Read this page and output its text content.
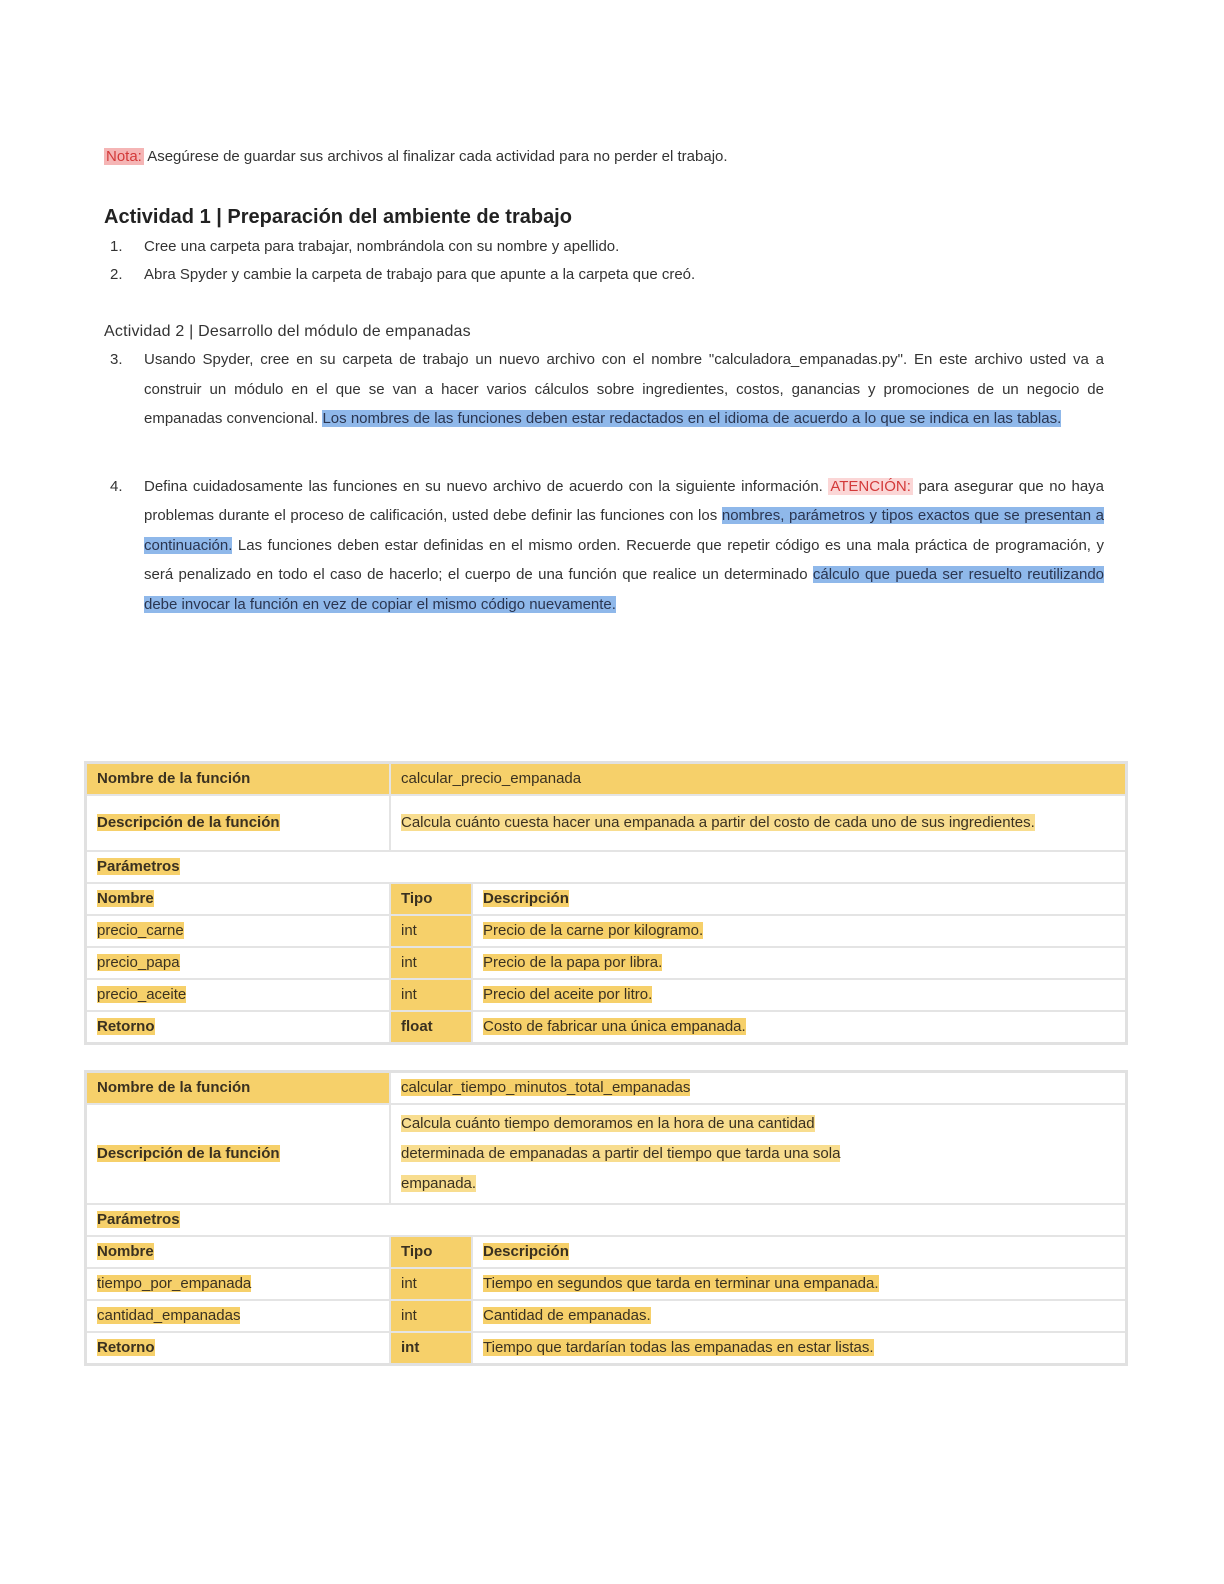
Nota: Asegúrese de guardar sus archivos al finalizar cada actividad para no perder el trabajo.

Actividad 1 | Preparación del ambiente de trabajo
1. Cree una carpeta para trabajar, nombrándola con su nombre y apellido.
2. Abra Spyder y cambie la carpeta de trabajo para que apunte a la carpeta que creó.
Actividad 2 | Desarrollo del módulo de empanadas
3. Usando Spyder, cree en su carpeta de trabajo un nuevo archivo con el nombre "calculadora_empanadas.py". En este archivo usted va a construir un módulo en el que se van a hacer varios cálculos sobre ingredientes, costos, ganancias y promociones de un negocio de empanadas convencional. Los nombres de las funciones deben estar redactados en el idioma de acuerdo a lo que se indica en las tablas.
4. Defina cuidadosamente las funciones en su nuevo archivo de acuerdo con la siguiente información. ATENCIÓN: para asegurar que no haya problemas durante el proceso de calificación, usted debe definir las funciones con los nombres, parámetros y tipos exactos que se presentan a continuación. Las funciones deben estar definidas en el mismo orden. Recuerde que repetir código es una mala práctica de programación, y será penalizado en todo el caso de hacerlo; el cuerpo de una función que realice un determinado cálculo que pueda ser resuelto reutilizando debe invocar la función en vez de copiar el mismo código nuevamente.
Nombre de la función	calcular_precio_empanada	
Descripción de la función	Calcula cuánto cuesta hacer una empanada a partir del costo de cada uno de sus ingredientes.	
Parámetros		
Nombre	Tipo	Descripción
precio_carne	int	Precio de la carne por kilogramo.
precio_papa	int	Precio de la papa por libra.
precio_aceite	int	Precio del aceite por litro.
Retorno	float	Costo de fabricar una única empanada.
Nombre de la función	calcular_tiempo_minutos_total_empanadas	
Descripción de la función	Calcula cuánto tiempo demoramos en la hora de una cantidad
determinada de empanadas a partir del tiempo que tarda una sola
empanada.	
Parámetros		
Nombre	Tipo	Descripción
tiempo_por_empanada	int	Tiempo en segundos que tarda en terminar una empanada.
cantidad_empanadas	int	Cantidad de empanadas.
Retorno	int	Tiempo que tardarían todas las empanadas en estar listas.
